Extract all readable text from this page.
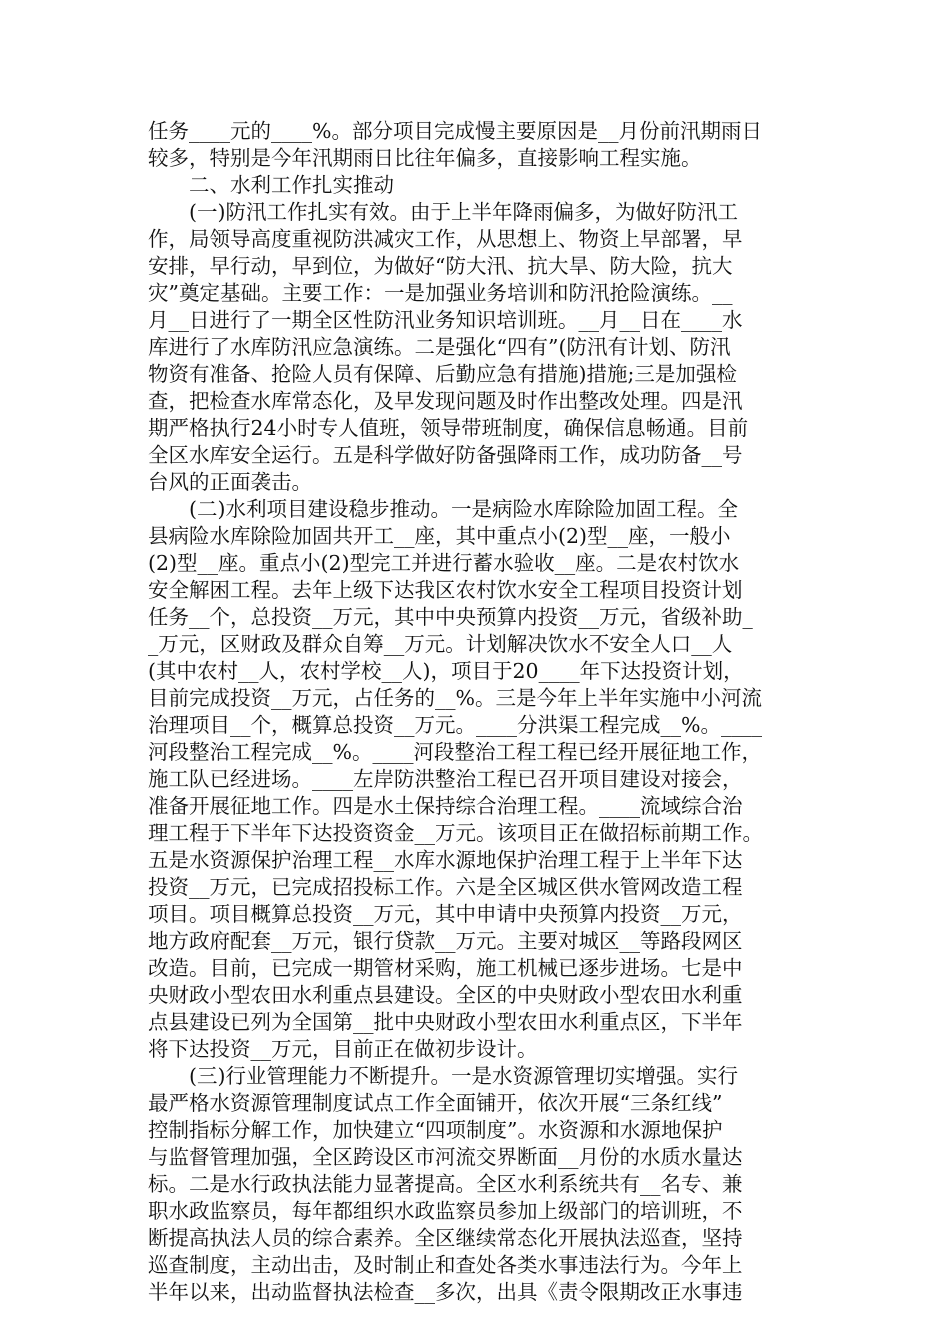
任务____元的____%。部分项目完成慢主要原因是__月份前汛期雨日
较多，特别是今年汛期雨日比往年偏多，直接影响工程实施。
　　二、水利工作扎实推动
　　(一)防汛工作扎实有效。由于上半年降雨偏多，为做好防汛工
作，局领导高度重视防洪减灾工作，从思想上、物资上早部署，早
安排，早行动，早到位，为做好“防大汛、抗大旱、防大险，抗大
灾”奠定基础。主要工作：一是加强业务培训和防汛抢险演练。__
月__日进行了一期全区性防汛业务知识培训班。__月__日在____水
库进行了水库防汛应急演练。二是强化“四有”(防汛有计划、防汛
物资有准备、抢险人员有保障、后勤应急有措施)措施;三是加强检
查，把检查水库常态化，及早发现问题及时作出整改处理。四是汛
期严格执行24小时专人值班，领导带班制度，确保信息畅通。目前
全区水库安全运行。五是科学做好防备强降雨工作，成功防备__号
台风的正面袭击。
　　(二)水利项目建设稳步推动。一是病险水库除险加固工程。全
县病险水库除险加固共开工__座，其中重点小(2)型__座，一般小
(2)型__座。重点小(2)型完工并进行蓄水验收__座。二是农村饮水
安全解困工程。去年上级下达我区农村饮水安全工程项目投资计划
任务__个，总投资__万元，其中中央预算内投资__万元，省级补助_
_万元，区财政及群众自筹__万元。计划解决饮水不安全人口__人
(其中农村__人，农村学校__人)，项目于20____年下达投资计划，
目前完成投资__万元，占任务的__%。三是今年上半年实施中小河流
治理项目__个，概算总投资__万元。____分洪渠工程完成__%。____
河段整治工程完成__%。____河段整治工程工程已经开展征地工作，
施工队已经进场。____左岸防洪整治工程已召开项目建设对接会，
准备开展征地工作。四是水土保持综合治理工程。____流域综合治
理工程于下半年下达投资资金__万元。该项目正在做招标前期工作。
五是水资源保护治理工程__水库水源地保护治理工程于上半年下达
投资__万元，已完成招投标工作。六是全区城区供水管网改造工程
项目。项目概算总投资__万元，其中申请中央预算内投资__万元，
地方政府配套__万元，银行贷款__万元。主要对城区__等路段网区
改造。目前，已完成一期管材采购，施工机械已逐步进场。七是中
央财政小型农田水利重点县建设。全区的中央财政小型农田水利重
点县建设已列为全国第__批中央财政小型农田水利重点区，下半年
将下达投资__万元，目前正在做初步设计。
　　(三)行业管理能力不断提升。一是水资源管理切实增强。实行
最严格水资源管理制度试点工作全面铺开，依次开展“三条红线”
控制指标分解工作，加快建立“四项制度”。水资源和水源地保护
与监督管理加强，全区跨设区市河流交界断面__月份的水质水量达
标。二是水行政执法能力显著提高。全区水利系统共有__名专、兼
职水政监察员，每年都组织水政监察员参加上级部门的培训班，不
断提高执法人员的综合素养。全区继续常态化开展执法巡查，坚持
巡查制度，主动出击，及时制止和查处各类水事违法行为。今年上
半年以来，出动监督执法检查__多次，出具《责令限期改正水事违
